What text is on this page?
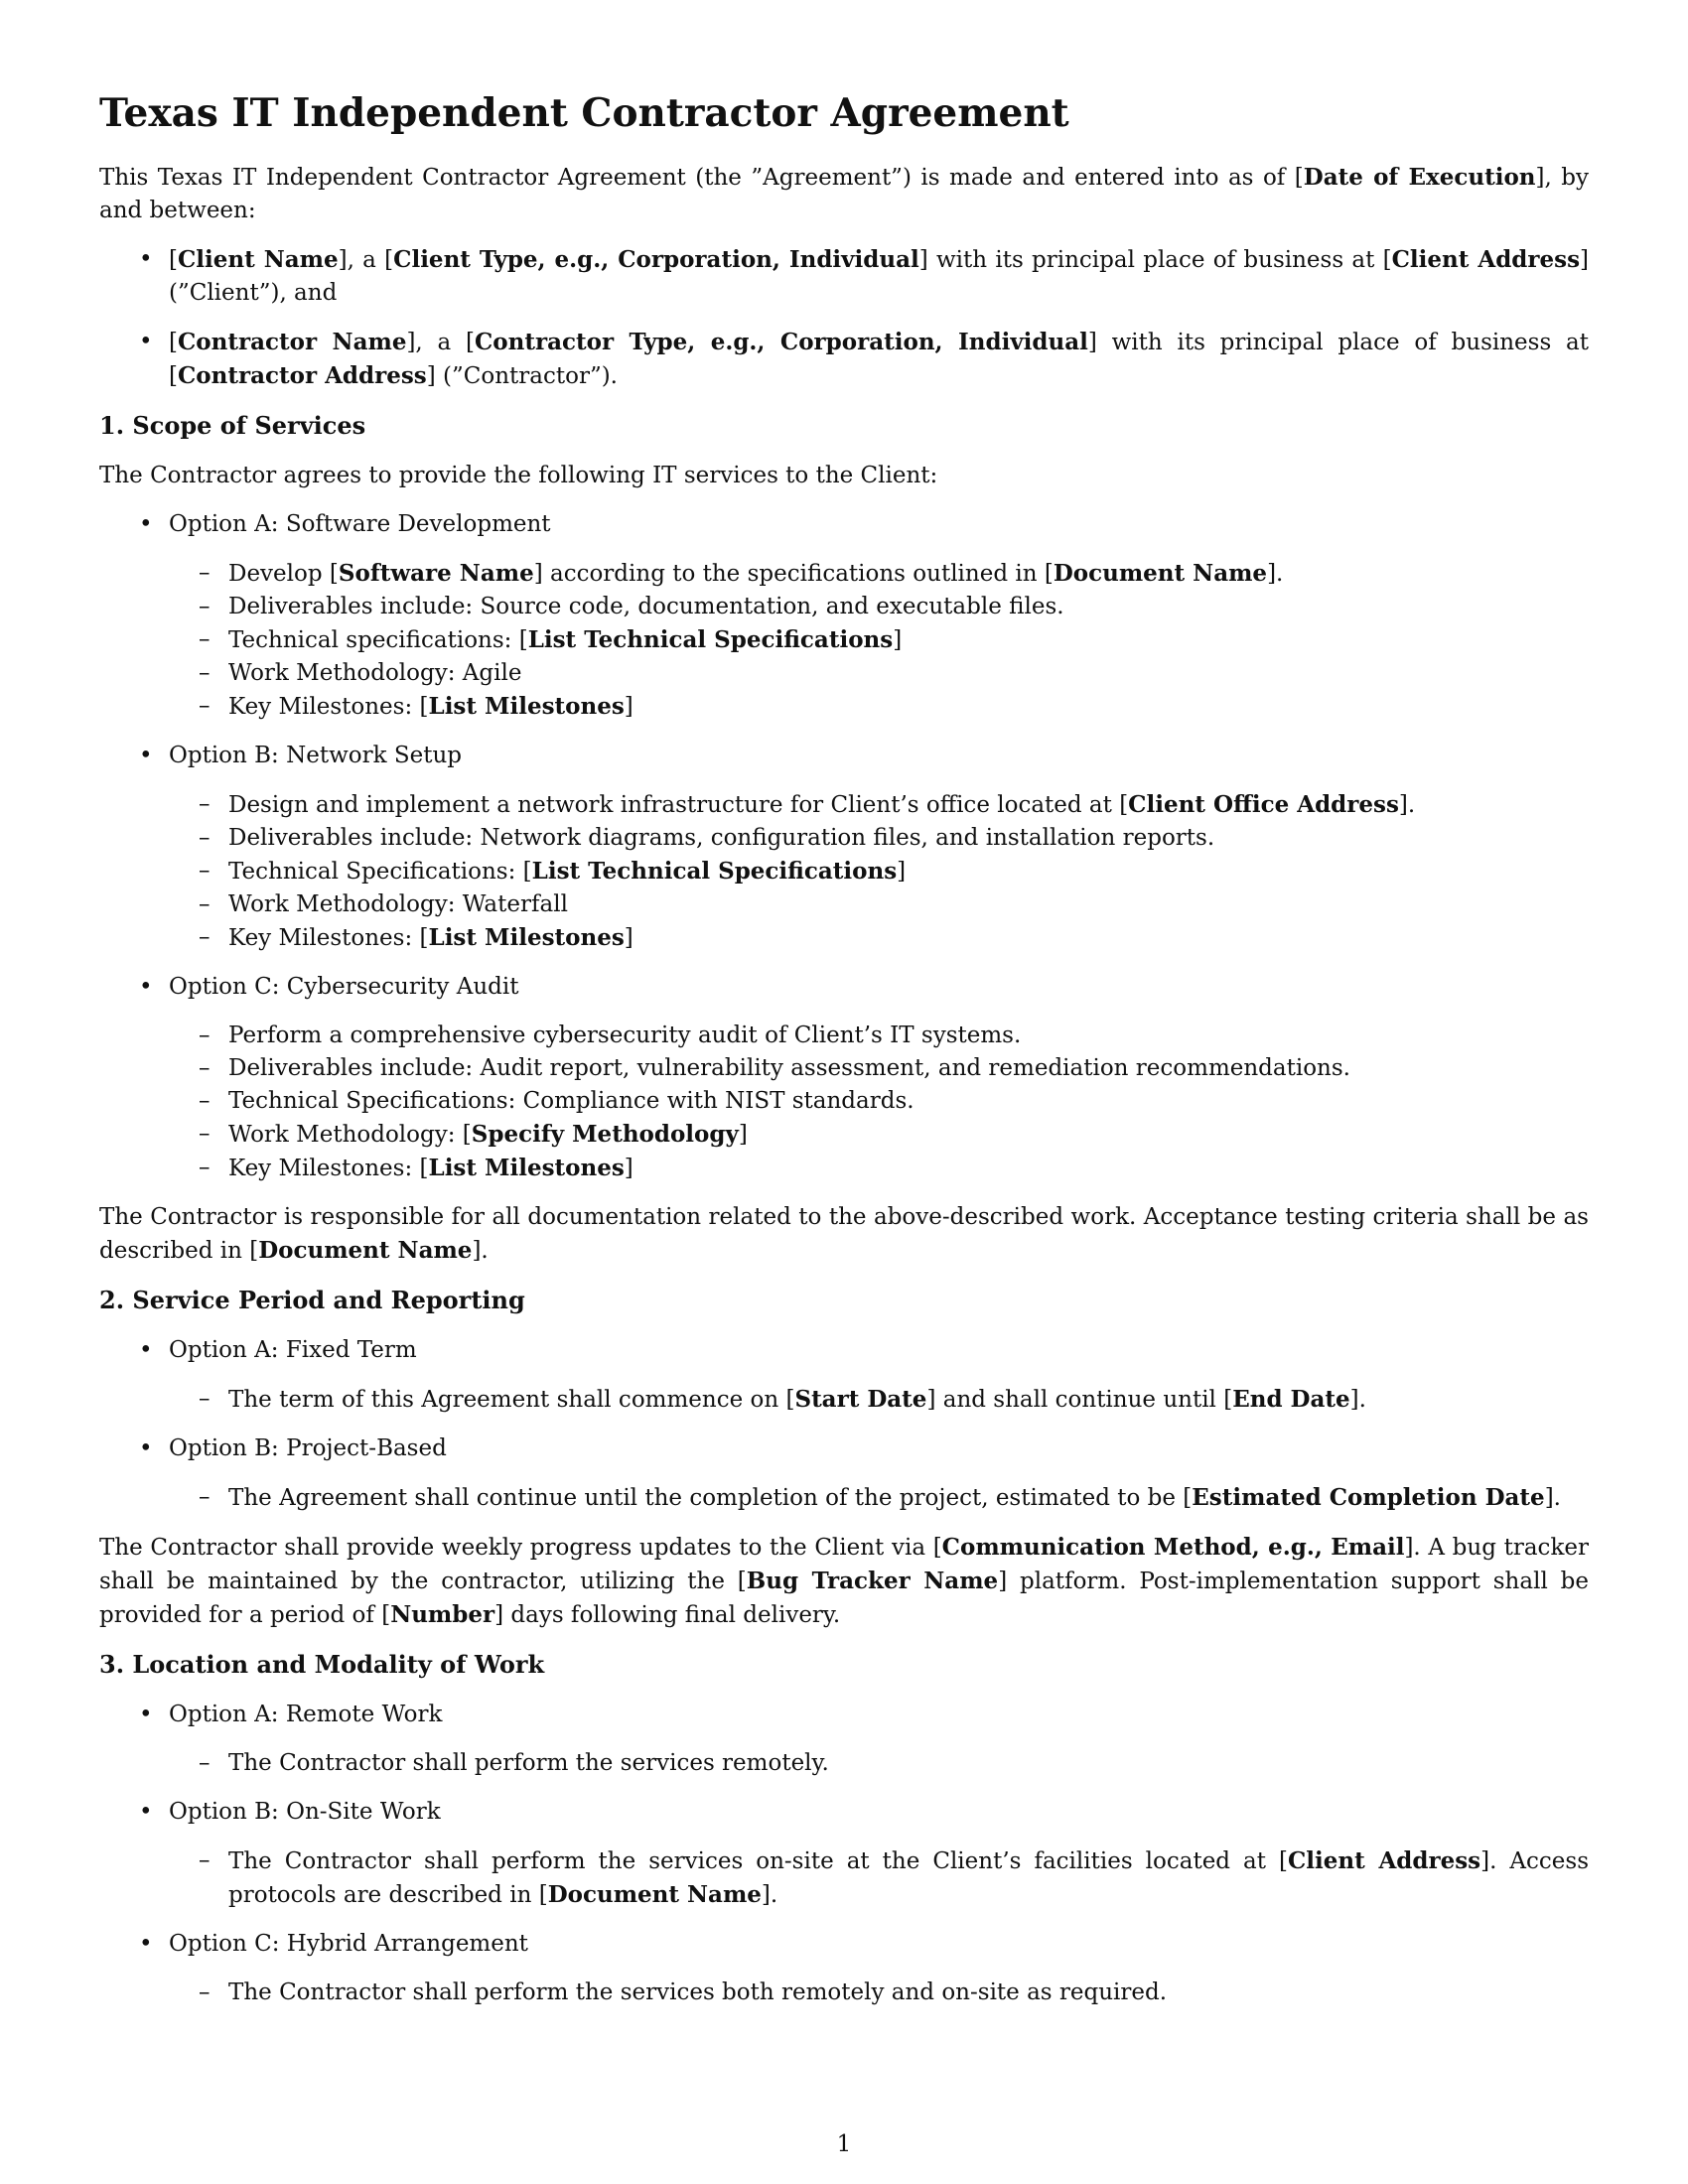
Texas IT Independent Contractor Agreement

This Texas IT Independent Contractor Agreement (the ”Agreement”) is made and entered into as of [Date of Execution], by and between:

• [Client Name], a [Client Type, e.g., Corporation, Individual] with its principal place of business at [Client Address] (”Client”), and
• [Contractor Name], a [Contractor Type, e.g., Corporation, Individual] with its principal place of business at [Contractor Address] (”Contractor”).
1. Scope of Services

The Contractor agrees to provide the following IT services to the Client:

• Option A: Software Development
– Develop [Software Name] according to the specifications outlined in [Document Name].
– Deliverables include: Source code, documentation, and executable files.
– Technical specifications: [List Technical Specifications]
– Work Methodology: Agile
– Key Milestones: [List Milestones]
• Option B: Network Setup
– Design and implement a network infrastructure for Client’s office located at [Client Office Address].
– Deliverables include: Network diagrams, configuration files, and installation reports.
– Technical Specifications: [List Technical Specifications]
– Work Methodology: Waterfall
– Key Milestones: [List Milestones]
• Option C: Cybersecurity Audit
– Perform a comprehensive cybersecurity audit of Client’s IT systems.
– Deliverables include: Audit report, vulnerability assessment, and remediation recommendations.
– Technical Specifications: Compliance with NIST standards.
– Work Methodology: [Specify Methodology]
– Key Milestones: [List Milestones]

The Contractor is responsible for all documentation related to the above-described work. Acceptance testing criteria shall be as described in [Document Name].

2. Service Period and Reporting
• Option A: Fixed Term
– The term of this Agreement shall commence on [Start Date] and shall continue until [End Date].
• Option B: Project-Based
– The Agreement shall continue until the completion of the project, estimated to be [Estimated Completion Date].

The Contractor shall provide weekly progress updates to the Client via [Communication Method, e.g., Email]. A bug tracker shall be maintained by the contractor, utilizing the [Bug Tracker Name] platform. Post-implementation support shall be provided for a period of [Number] days following final delivery.

3. Location and Modality of Work
• Option A: Remote Work
– The Contractor shall perform the services remotely.
• Option B: On-Site Work
– The Contractor shall perform the services on-site at the Client’s facilities located at [Client Address]. Access protocols are described in [Document Name].
• Option C: Hybrid Arrangement
– The Contractor shall perform the services both remotely and on-site as required.
1
